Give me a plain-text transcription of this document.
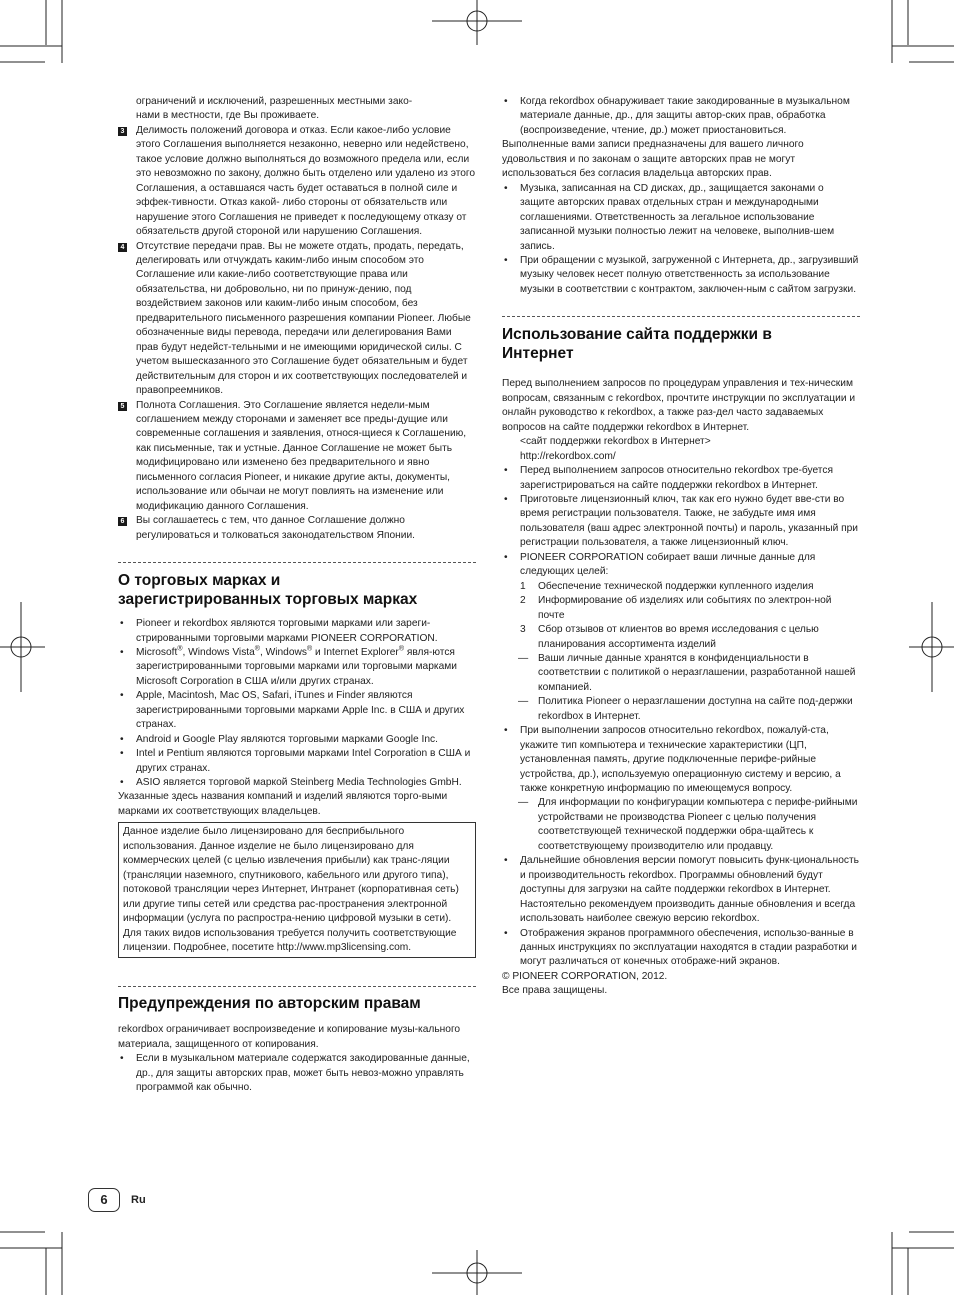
ограничений и исключений, разрешенных местными зако-
нами в местности, где Вы проживаете.

3 Делимость положений договора и отказ. Если какое-либо условие этого Соглашения выполняется незаконно, неверно или недействено, такое условие должно выполняться до возможного предела или, если это невозможно по закону, должно быть отделено или удалено из этого Соглашения, а оставшаяся часть будет оставаться в полной силе и эффек-тивности. Отказ какой- либо стороны от обязательств или нарушение этого Соглашения не приведет к последующему отказу от обязательств другой стороной или нарушению Соглашения.
4 Отсутствие передачи прав. Вы не можете отдать, продать, передать, делегировать или отчуждать каким-либо иным способом это Соглашение или какие-либо соответствующие права или обязательства, ни добровольно, ни по принуж-дению, под воздействием законов или каким-либо иным способом, без предварительного письменного разрешения компании Pioneer. Любые обозначенные виды перевода, передачи или делегирования Вами прав будут недейст-тельными и не имеющими юридической силы. С учетом вышесказанного это Соглашение будет обязательным и будет действительным для сторон и их соответствующих последователей и правопреемников.
5 Полнота Соглашения. Это Соглашение является недели-мым соглашением между сторонами и заменяет все преды-дущие или современные соглашения и заявления, относя-щиеся к Соглашению, как письменные, так и устные. Данное Соглашение не может быть модифицировано или изменено без предварительного и явно письменного согласия Pioneer, и никакие другие акты, документы, использование или обычаи не могут повлиять на изменение или модификацию данного Соглашения.
6 Вы соглашаетесь с тем, что данное Соглашение должно регулироваться и толковаться законодательством Японии.
О торговых марках и
зарегистрированных торговых марках
• Pioneer и rekordbox являются торговыми марками или зареги-стрированными торговыми марками PIONEER CORPORATION.
• Microsoft®, Windows Vista®, Windows® и Internet Explorer® явля-ются зарегистрированными торговыми марками или торговыми марками Microsoft Corporation в США и/или других странах.
• Apple, Macintosh, Mac OS, Safari, iTunes и Finder являются зарегистрированными торговыми марками Apple Inc. в США и других странах.
• Android и Google Play являются торговыми марками Google Inc.
• Intel и Pentium являются торговыми марками Intel Corporation в США и других странах.
• ASIO является торговой маркой Steinberg Media Technologies GmbH.

Указанные здесь названия компаний и изделий являются торго-выми марками их соответствующих владельцев.

Данное изделие было лицензировано для бесприбыльного использования. Данное изделие не было лицензировано для коммерческих целей (с целью извлечения прибыли) как транс-ляции (трансляции наземного, спутникового, кабельного или другого типа), потоковой трансляции через Интернет, Интранет (корпоративная сеть) или другие типы сетей или средства рас-пространения электронной информации (услуга по распростра-нению цифровой музыки в сети). Для таких видов использования требуется получить соответствующие лицензии. Подробнее, посетите http://www.mp3licensing.com.
Предупреждения по авторским правам

rekordbox ограничивает воспроизведение и копирование музы-кального материала, защищенного от копирования.

• Если в музыкальном материале содержатся закодированные данные, др., для защиты авторских прав, может быть невоз-можно управлять программой как обычно.
• Когда rekordbox обнаруживает такие закодированные в музыкальном материале данные, др., для защиты автор-ских прав, обработка (воспроизведение, чтение, др.) может приостановиться.

Выполненные вами записи предназначены для вашего личного удовольствия и по законам о защите авторских прав не могут использоваться без согласия владельца авторских прав.

• Музыка, записанная на CD дисках, др., защищается законами о защите авторских правах отдельных стран и международными соглашениями. Ответственность за легальное использование записанной музыки полностью лежит на человеке, выполнив-шем запись.
• При обращении с музыкой, загруженной с Интернета, др., загрузивший музыку человек несет полную ответственность за использование музыки в соответствии с контрактом, заключен-ным с сайтом загрузки.
Использование сайта поддержки в
Интернет

Перед выполнением запросов по процедурам управления и тех-ническим вопросам, связанным с rekordbox, прочтите инструкции по эксплуатации и онлайн руководство к rekordbox, а также раз-дел часто задаваемых вопросов на сайте поддержки rekordbox в Интернет.

<сайт поддержки rekordbox в Интернет>

http://rekordbox.com/

• Перед выполнением запросов относительно rekordbox тре-буется зарегистрироваться на сайте поддержки rekordbox в Интернет.
• Приготовьте лицензионный ключ, так как его нужно будет вве-сти во время регистрации пользователя. Также, не забудьте имя имя пользователя (ваш адрес электронной почты) и пароль, указанный при регистрации пользователя, а также лицензионный ключ.
• PIONEER CORPORATION собирает ваши личные данные для следующих целей:
1 Обеспечение технической поддержки купленного изделия
2 Информирование об изделиях или событиях по электрон-ной почте
3 Сбор отзывов от клиентов во время исследования с целью планирования ассортимента изделий
— Ваши личные данные хранятся в конфиденциальности в соответствии с политикой о неразглашении, разработанной нашей компанией.
— Политика Pioneer о неразглашении доступна на сайте под-держки rekordbox в Интернет.
• При выполнении запросов относительно rekordbox, пожалуй-ста, укажите тип компьютера и технические характеристики (ЦП, установленная память, другие подключенные перифе-рийные устройства, др.), используемую операционную систему и версию, а также конкретную информацию по имеющемуся вопросу.
— Для информации по конфигурации компьютера с перифе-рийными устройствами не производства Pioneer с целью получения соответствующей технической поддержки обра-щайтесь к соответствующему производителю или продавцу.
• Дальнейшие обновления версии помогут повысить функ-циональность и производительность rekordbox. Программы обновлений будут доступны для загрузки на сайте поддержки rekordbox в Интернет. Настоятельно рекомендуем производить данные обновления и всегда использовать наиболее свежую версию rekordbox.
• Отображения экранов программного обеспечения, использо-ванные в данных инструкциях по эксплуатации находятся в стадии разработки и могут различаться от конечных отображе-ний экранов.

© PIONEER CORPORATION, 2012.

Все права защищены.

6	Ru
